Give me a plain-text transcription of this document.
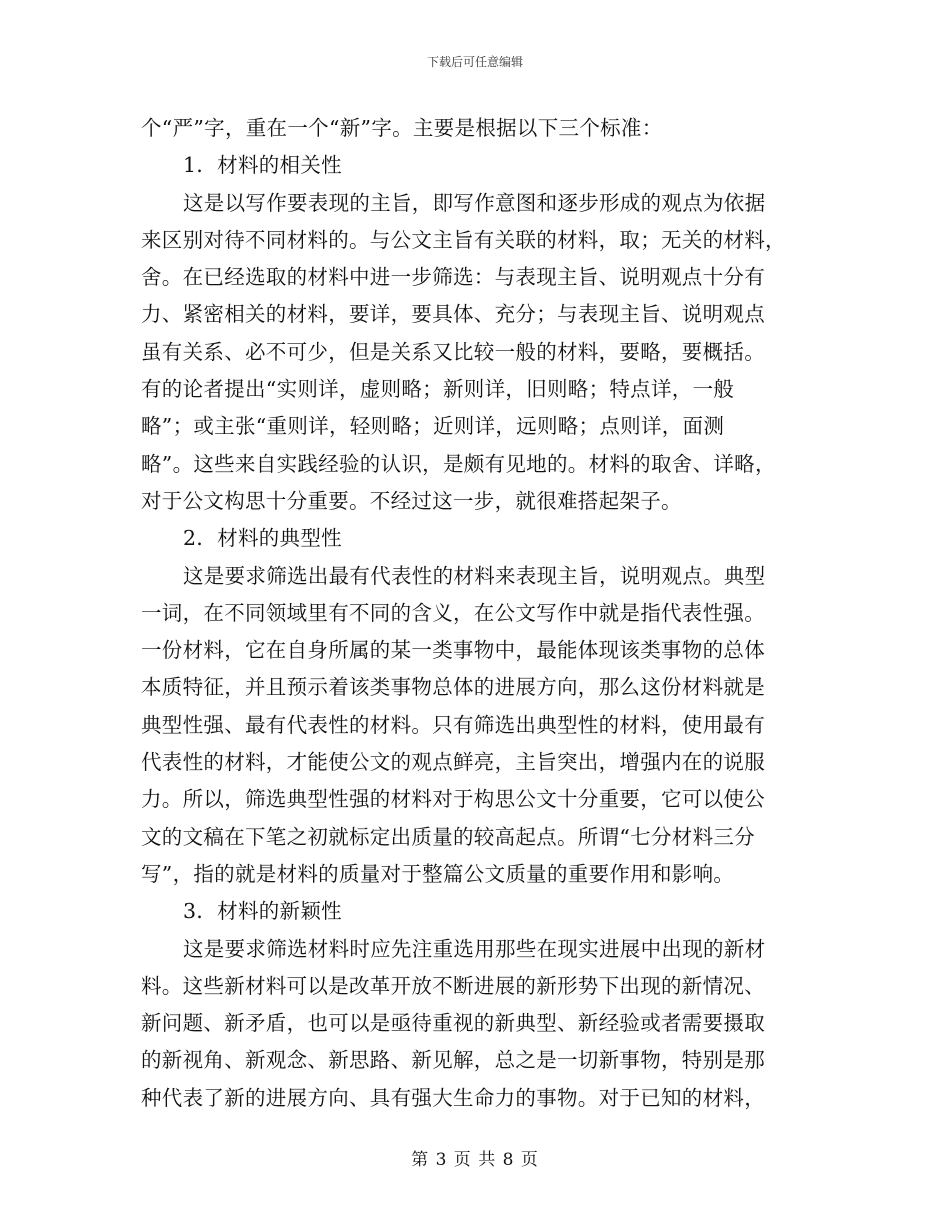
下载后可任意编辑
个“严”字，重在一个“新”字。主要是根据以下三个标准：
1．材料的相关性
这是以写作要表现的主旨，即写作意图和逐步形成的观点为依据
来区别对待不同材料的。与公文主旨有关联的材料，取；无关的材料，
舍。在已经选取的材料中进一步筛选：与表现主旨、说明观点十分有
力、紧密相关的材料，要详，要具体、充分；与表现主旨、说明观点
虽有关系、必不可少，但是关系又比较一般的材料，要略，要概括。
有的论者提出“实则详，虚则略；新则详，旧则略；特点详，一般
略”；或主张“重则详，轻则略；近则详，远则略；点则详，面测
略”。这些来自实践经验的认识，是颇有见地的。材料的取舍、详略，
对于公文构思十分重要。不经过这一步，就很难搭起架子。
2．材料的典型性
这是要求筛选出最有代表性的材料来表现主旨，说明观点。典型
一词，在不同领域里有不同的含义，在公文写作中就是指代表性强。
一份材料，它在自身所属的某一类事物中，最能体现该类事物的总体
本质特征，并且预示着该类事物总体的进展方向，那么这份材料就是
典型性强、最有代表性的材料。只有筛选出典型性的材料，使用最有
代表性的材料，才能使公文的观点鲜亮，主旨突出，增强内在的说服
力。所以，筛选典型性强的材料对于构思公文十分重要，它可以使公
文的文稿在下笔之初就标定出质量的较高起点。所谓“七分材料三分
写”，指的就是材料的质量对于整篇公文质量的重要作用和影响。
3．材料的新颖性
这是要求筛选材料时应先注重选用那些在现实进展中出现的新材
料。这些新材料可以是改革开放不断进展的新形势下出现的新情况、
新问题、新矛盾，也可以是亟待重视的新典型、新经验或者需要摄取
的新视角、新观念、新思路、新见解，总之是一切新事物，特别是那
种代表了新的进展方向、具有强大生命力的事物。对于已知的材料，
第 3 页 共 8 页
